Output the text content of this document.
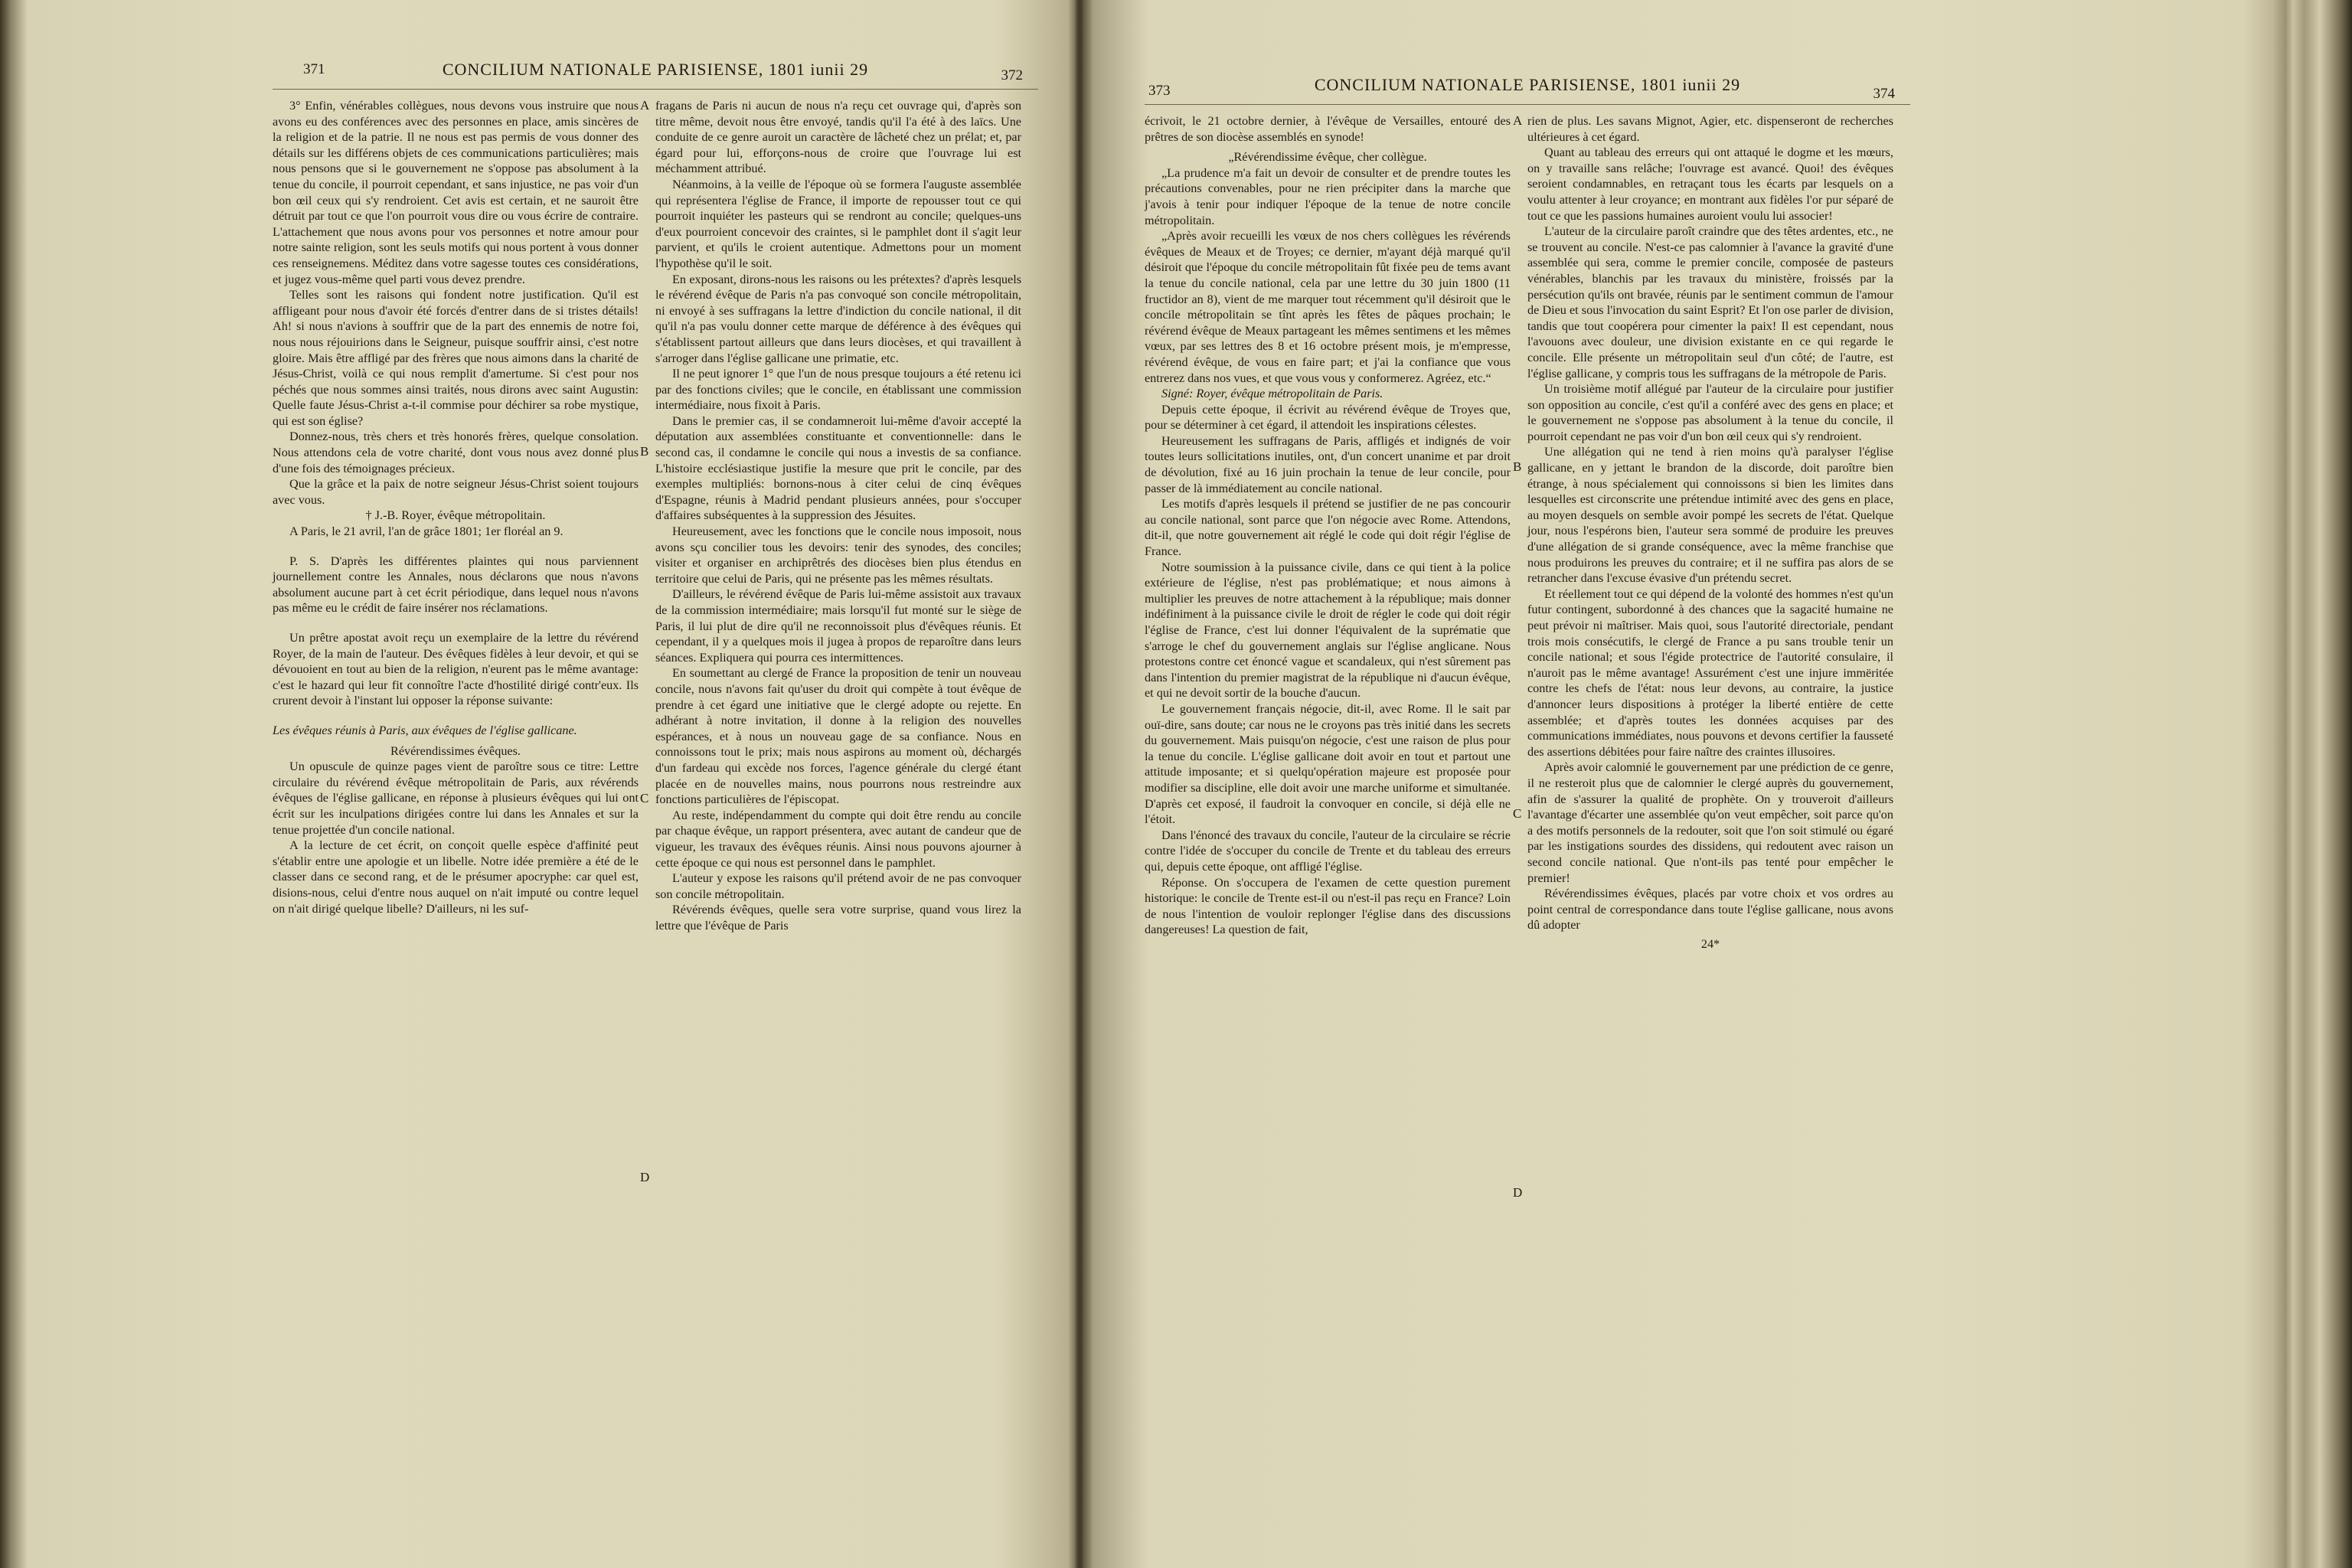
371	CONCILIUM NATIONALE PARISIENSE, 1801 iunii 29	372

3° Enfin, vénérables collègues, nous devons vous instruire que nous avons eu des conférences avec des personnes en place, amis sincères de la religion et de la patrie. Il ne nous est pas permis de vous donner des détails sur les différens objets de ces communications particulières; mais nous pensons que si le gouvernement ne s'oppose pas absolument à la tenue du concile, il pourroit cependant, et sans injustice, ne pas voir d'un bon œil ceux qui s'y rendroient. Cet avis est certain, et ne sauroit être détruit par tout ce que l'on pourroit vous dire ou vous écrire de contraire. L'attachement que nous avons pour vos personnes et notre amour pour notre sainte religion, sont les seuls motifs qui nous portent à vous donner ces renseignemens. Méditez dans votre sagesse toutes ces considérations, et jugez vous-même quel parti vous devez prendre.

Telles sont les raisons qui fondent notre justification. Qu'il est affligeant pour nous d'avoir été forcés d'entrer dans de si tristes détails! Ah! si nous n'avions à souffrir que de la part des ennemis de notre foi, nous nous réjouirions dans le Seigneur, puisque souffrir ainsi, c'est notre gloire. Mais être affligé par des frères que nous aimons dans la charité de Jésus-Christ, voilà ce qui nous remplit d'amertume. Si c'est pour nos péchés que nous sommes ainsi traités, nous dirons avec saint Augustin: Quelle faute Jésus-Christ a-t-il commise pour déchirer sa robe mystique, qui est son église?

Donnez-nous, très chers et très honorés frères, quelque consolation. Nous attendons cela de votre charité, dont vous nous avez donné plus d'une fois des témoignages précieux.

Que la grâce et la paix de notre seigneur Jésus-Christ soient toujours avec vous.

† J.-B. Royer, évêque métropolitain.

A Paris, le 21 avril, l'an de grâce 1801; 1er floréal an 9.

P. S. D'après les différentes plaintes qui nous parviennent journellement contre les Annales, nous déclarons que nous n'avons absolument aucune part à cet écrit périodique, dans lequel nous n'avons pas même eu le crédit de faire insérer nos réclamations.

Un prêtre apostat avoit reçu un exemplaire de la lettre du révérend Royer, de la main de l'auteur. Des évêques fidèles à leur devoir, et qui se dévouoient en tout au bien de la religion, n'eurent pas le même avantage: c'est le hazard qui leur fit connoître l'acte d'hostilité dirigé contr'eux. Ils crurent devoir à l'instant lui opposer la réponse suivante:

Les évêques réunis à Paris, aux évêques de l'église gallicane.

Révérendissimes évêques.

Un opuscule de quinze pages vient de paroître sous ce titre: Lettre circulaire du révérend évêque métropolitain de Paris, aux révérends évêques de l'église gallicane, en réponse à plusieurs évêques qui lui ont écrit sur les inculpations dirigées contre lui dans les Annales et sur la tenue projettée d'un concile national.

A la lecture de cet écrit, on conçoit quelle espèce d'affinité peut s'établir entre une apologie et un libelle. Notre idée première a été de le classer dans ce second rang, et de le présumer apocryphe: car quel est, disions-nous, celui d'entre nous auquel on n'ait imputé ou contre lequel on n'ait dirigé quelque libelle? D'ailleurs, ni les suf-

fragans de Paris ni aucun de nous n'a reçu cet ouvrage qui, d'après son titre même, devoit nous être envoyé, tandis qu'il l'a été à des laïcs. Une conduite de ce genre auroit un caractère de lâcheté chez un prélat; et, par égard pour lui, efforçons-nous de croire que l'ouvrage lui est méchamment attribué.

Néanmoins, à la veille de l'époque où se formera l'auguste assemblée qui représentera l'église de France, il importe de repousser tout ce qui pourroit inquiéter les pasteurs qui se rendront au concile; quelques-uns d'eux pourroient concevoir des craintes, si le pamphlet dont il s'agit leur parvient, et qu'ils le croient autentique. Admettons pour un moment l'hypothèse qu'il le soit.

En exposant, dirons-nous les raisons ou les prétextes? d'après lesquels le révérend évêque de Paris n'a pas convoqué son concile métropolitain, ni envoyé à ses suffragans la lettre d'indiction du concile national, il dit qu'il n'a pas voulu donner cette marque de déférence à des évêques qui s'établissent partout ailleurs que dans leurs diocèses, et qui travaillent à s'arroger dans l'église gallicane une primatie, etc.

Il ne peut ignorer 1° que l'un de nous presque toujours a été retenu ici par des fonctions civiles; que le concile, en établissant une commission intermédiaire, nous fixoit à Paris.

Dans le premier cas, il se condamneroit lui-même d'avoir accepté la députation aux assemblées constituante et conventionnelle: dans le second cas, il condamne le concile qui nous a investis de sa confiance. L'histoire ecclésiastique justifie la mesure que prit le concile, par des exemples multipliés: bornons-nous à citer celui de cinq évêques d'Espagne, réunis à Madrid pendant plusieurs années, pour s'occuper d'affaires subséquentes à la suppression des Jésuites.

Heureusement, avec les fonctions que le concile nous imposoit, nous avons sçu concilier tous les devoirs: tenir des synodes, des conciles; visiter et organiser en archiprêtrés des diocèses bien plus étendus en territoire que celui de Paris, qui ne présente pas les mêmes résultats.

D'ailleurs, le révérend évêque de Paris lui-même assistoit aux travaux de la commission intermédiaire; mais lorsqu'il fut monté sur le siège de Paris, il lui plut de dire qu'il ne reconnoissoit plus d'évêques réunis. Et cependant, il y a quelques mois il jugea à propos de reparoître dans leurs séances. Expliquera qui pourra ces intermittences.

En soumettant au clergé de France la proposition de tenir un nouveau concile, nous n'avons fait qu'user du droit qui compète à tout évêque de prendre à cet égard une initiative que le clergé adopte ou rejette. En adhérant à notre invitation, il donne à la religion des nouvelles espérances, et à nous un nouveau gage de sa confiance. Nous en connoissons tout le prix; mais nous aspirons au moment où, déchargés d'un fardeau qui excède nos forces, l'agence générale du clergé étant placée en de nouvelles mains, nous pourrons nous restreindre aux fonctions particulières de l'épiscopat.

Au reste, indépendamment du compte qui doit être rendu au concile par chaque évêque, un rapport présentera, avec autant de candeur que de vigueur, les travaux des évêques réunis. Ainsi nous pouvons ajourner à cette époque ce qui nous est personnel dans le pamphlet.

L'auteur y expose les raisons qu'il prétend avoir de ne pas convoquer son concile métropolitain.

Révérends évêques, quelle sera votre surprise, quand vous lirez la lettre que l'évêque de Paris

A
B
C
D
373	CONCILIUM NATIONALE PARISIENSE, 1801 iunii 29	374

écrivoit, le 21 octobre dernier, à l'évêque de Versailles, entouré des prêtres de son diocèse assemblés en synode!

„Révérendissime évêque, cher collègue.

„La prudence m'a fait un devoir de consulter et de prendre toutes les précautions convenables, pour ne rien précipiter dans la marche que j'avois à tenir pour indiquer l'époque de la tenue de notre concile métropolitain.

„Après avoir recueilli les vœux de nos chers collègues les révérends évêques de Meaux et de Troyes; ce dernier, m'ayant déjà marqué qu'il désiroit que l'époque du concile métropolitain fût fixée peu de tems avant la tenue du concile national, cela par une lettre du 30 juin 1800 (11 fructidor an 8), vient de me marquer tout récemment qu'il désiroit que le concile métropolitain se tînt après les fêtes de pâques prochain; le révérend évêque de Meaux partageant les mêmes sentimens et les mêmes vœux, par ses lettres des 8 et 16 octobre présent mois, je m'empresse, révérend évêque, de vous en faire part; et j'ai la confiance que vous entrerez dans nos vues, et que vous vous y conformerez. Agréez, etc.“

Signé: Royer, évêque métropolitain de Paris.

Depuis cette époque, il écrivit au révérend évêque de Troyes que, pour se déterminer à cet égard, il attendoit les inspirations célestes.

Heureusement les suffragans de Paris, affligés et indignés de voir toutes leurs sollicitations inutiles, ont, d'un concert unanime et par droit de dévolution, fixé au 16 juin prochain la tenue de leur concile, pour passer de là immédiatement au concile national.

Les motifs d'après lesquels il prétend se justifier de ne pas concourir au concile national, sont parce que l'on négocie avec Rome. Attendons, dit-il, que notre gouvernement ait réglé le code qui doit régir l'église de France.

Notre soumission à la puissance civile, dans ce qui tient à la police extérieure de l'église, n'est pas problématique; et nous aimons à multiplier les preuves de notre attachement à la république; mais donner indéfiniment à la puissance civile le droit de régler le code qui doit régir l'église de France, c'est lui donner l'équivalent de la suprématie que s'arroge le chef du gouvernement anglais sur l'église anglicane. Nous protestons contre cet énoncé vague et scandaleux, qui n'est sûrement pas dans l'intention du premier magistrat de la république ni d'aucun évêque, et qui ne devoit sortir de la bouche d'aucun.

Le gouvernement français négocie, dit-il, avec Rome. Il le sait par ouï-dire, sans doute; car nous ne le croyons pas très initié dans les secrets du gouvernement. Mais puisqu'on négocie, c'est une raison de plus pour la tenue du concile. L'église gallicane doit avoir en tout et partout une attitude imposante; et si quelqu'opération majeure est proposée pour modifier sa discipline, elle doit avoir une marche uniforme et simultanée. D'après cet exposé, il faudroit la convoquer en concile, si déjà elle ne l'étoit.

Dans l'énoncé des travaux du concile, l'auteur de la circulaire se récrie contre l'idée de s'occuper du concile de Trente et du tableau des erreurs qui, depuis cette époque, ont affligé l'église.

Réponse. On s'occupera de l'examen de cette question purement historique: le concile de Trente est-il ou n'est-il pas reçu en France? Loin de nous l'intention de vouloir replonger l'église dans des discussions dangereuses! La question de fait,

rien de plus. Les savans Mignot, Agier, etc. dispenseront de recherches ultérieures à cet égard.

Quant au tableau des erreurs qui ont attaqué le dogme et les mœurs, on y travaille sans relâche; l'ouvrage est avancé. Quoi! des évêques seroient condamnables, en retraçant tous les écarts par lesquels on a voulu attenter à leur croyance; en montrant aux fidèles l'or pur séparé de tout ce que les passions humaines auroient voulu lui associer!

L'auteur de la circulaire paroît craindre que des têtes ardentes, etc., ne se trouvent au concile. N'est-ce pas calomnier à l'avance la gravité d'une assemblée qui sera, comme le premier concile, composée de pasteurs vénérables, blanchis par les travaux du ministère, froissés par la persécution qu'ils ont bravée, réunis par le sentiment commun de l'amour de Dieu et sous l'invocation du saint Esprit? Et l'on ose parler de division, tandis que tout coopérera pour cimenter la paix! Il est cependant, nous l'avouons avec douleur, une division existante en ce qui regarde le concile. Elle présente un métropolitain seul d'un côté; de l'autre, est l'église gallicane, y compris tous les suffragans de la métropole de Paris.

Un troisième motif allégué par l'auteur de la circulaire pour justifier son opposition au concile, c'est qu'il a conféré avec des gens en place; et le gouvernement ne s'oppose pas absolument à la tenue du concile, il pourroit cependant ne pas voir d'un bon œil ceux qui s'y rendroient.

Une allégation qui ne tend à rien moins qu'à paralyser l'église gallicane, en y jettant le brandon de la discorde, doit paroître bien étrange, à nous spécialement qui connoissons si bien les limites dans lesquelles est circonscrite une prétendue intimité avec des gens en place, au moyen desquels on semble avoir pompé les secrets de l'état. Quelque jour, nous l'espérons bien, l'auteur sera sommé de produire les preuves d'une allégation de si grande conséquence, avec la même franchise que nous produirons les preuves du contraire; et il ne suffira pas alors de se retrancher dans l'excuse évasive d'un prétendu secret.

Et réellement tout ce qui dépend de la volonté des hommes n'est qu'un futur contingent, subordonné à des chances que la sagacité humaine ne peut prévoir ni maîtriser. Mais quoi, sous l'autorité directoriale, pendant trois mois consécutifs, le clergé de France a pu sans trouble tenir un concile national; et sous l'égide protectrice de l'autorité consulaire, il n'auroit pas le même avantage! Assurément c'est une injure immëritée contre les chefs de l'état: nous leur devons, au contraire, la justice d'annoncer leurs dispositions à protéger la liberté entière de cette assemblée; et d'après toutes les données acquises par des communications immédiates, nous pouvons et devons certifier la fausseté des assertions débitées pour faire naître des craintes illusoires.

Après avoir calomnié le gouvernement par une prédiction de ce genre, il ne resteroit plus que de calomnier le clergé auprès du gouvernement, afin de s'assurer la qualité de prophète. On y trouveroit d'ailleurs l'avantage d'écarter une assemblée qu'on veut empêcher, soit parce qu'on a des motifs personnels de la redouter, soit que l'on soit stimulé ou égaré par les instigations sourdes des dissidens, qui redoutent avec raison un second concile national. Que n'ont-ils pas tenté pour empêcher le premier!

Révérendissimes évêques, placés par votre choix et vos ordres au point central de correspondance dans toute l'église gallicane, nous avons dû adopter

24*

A
B
C
D
